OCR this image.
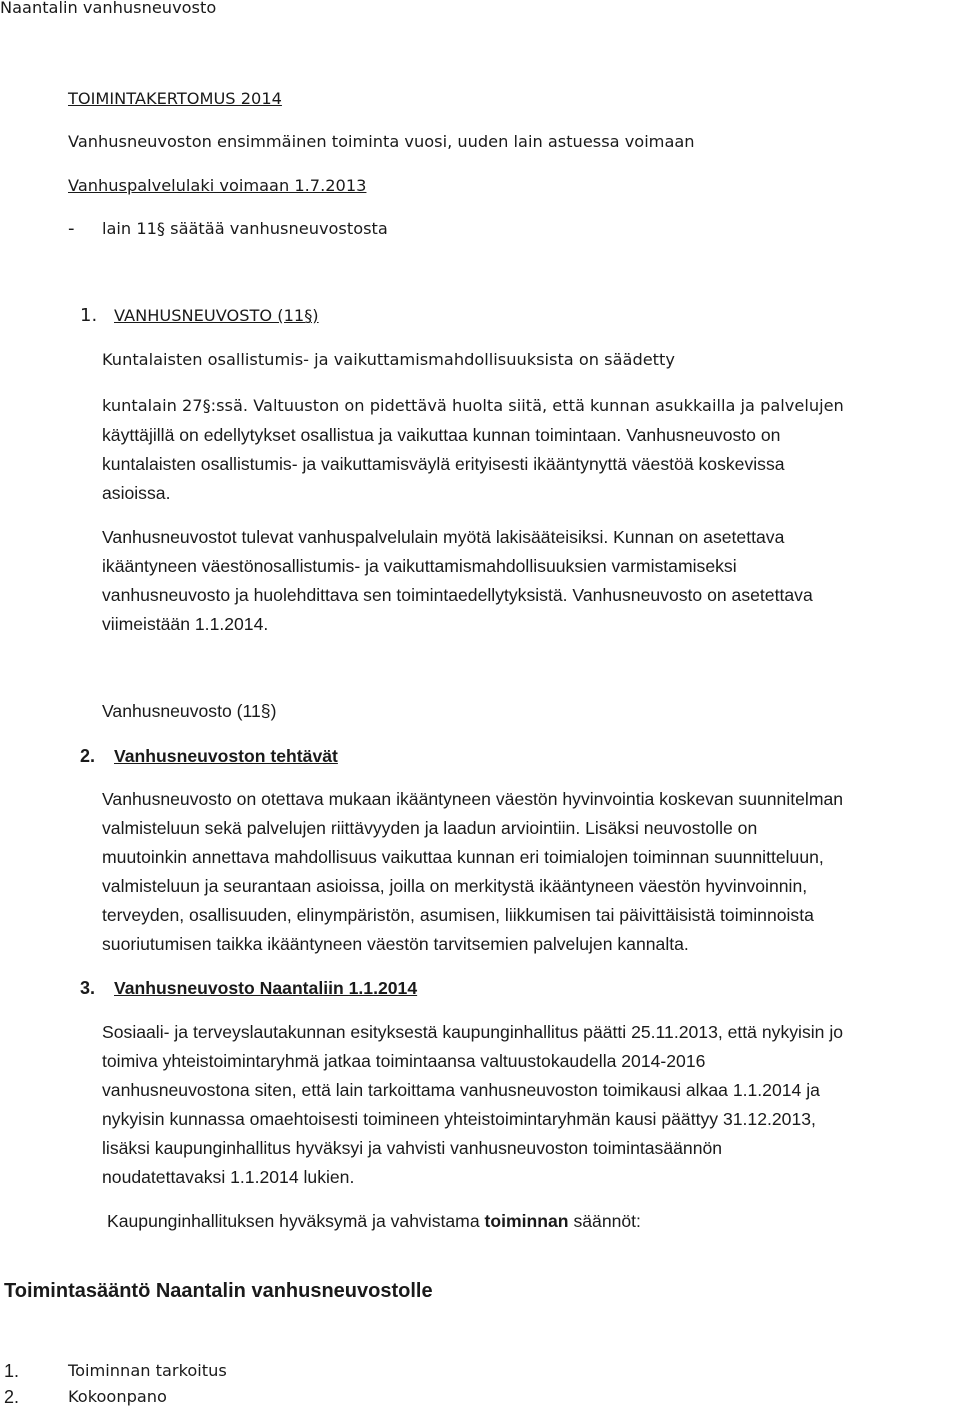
Naantalin vanhusneuvosto
TOIMINTAKERTOMUS 2014
Vanhusneuvoston ensimmäinen toiminta vuosi, uuden lain astuessa voimaan
Vanhuspalvelulaki voimaan 1.7.2013
- lain 11§ säätää vanhusneuvostosta
1. VANHUSNEUVOSTO (11§)
Kuntalaisten osallistumis- ja vaikuttamismahdollisuuksista on säädetty
kuntalain 27§:ssä. Valtuuston on pidettävä huolta siitä, että kunnan asukkailla ja palvelujen
käyttäjillä on edellytykset osallistua ja vaikuttaa kunnan toimintaan. Vanhusneuvosto on
kuntalaisten osallistumis- ja vaikuttamisväylä erityisesti ikääntynyttä väestöä koskevissa
asioissa.
Vanhusneuvostot tulevat vanhuspalvelulain myötä lakisääteisiksi. Kunnan on asetettava
ikääntyneen väestönosallistumis- ja vaikuttamismahdollisuuksien varmistamiseksi
vanhusneuvosto ja huolehdittava sen toimintaedellytyksistä. Vanhusneuvosto on asetettava
viimeistään 1.1.2014.
Vanhusneuvosto (11§)
2. Vanhusneuvoston tehtävät
Vanhusneuvosto on otettava mukaan ikääntyneen väestön hyvinvointia koskevan suunnitelman
valmisteluun sekä palvelujen riittävyyden ja laadun arviointiin. Lisäksi neuvostolle on
muutoinkin annettava mahdollisuus vaikuttaa kunnan eri toimialojen toiminnan suunnitteluun,
valmisteluun ja seurantaan asioissa, joilla on merkitystä ikääntyneen väestön hyvinvoinnin,
terveyden, osallisuuden, elinympäristön, asumisen, liikkumisen tai päivittäisistä toiminnoista
suoriutumisen taikka ikääntyneen väestön tarvitsemien palvelujen kannalta.
3. Vanhusneuvosto Naantaliin 1.1.2014
Sosiaali- ja terveyslautakunnan esityksestä kaupunginhallitus päätti 25.11.2013, että nykyisin jo
toimiva yhteistoimintaryhmä jatkaa toimintaansa valtuustokaudella 2014-2016
vanhusneuvostona siten, että lain tarkoittama vanhusneuvoston toimikausi alkaa 1.1.2014 ja
nykyisin kunnassa omaehtoisesti toimineen yhteistoimintaryhmän kausi päättyy 31.12.2013,
lisäksi kaupunginhallitus hyväksyi ja vahvisti vanhusneuvoston toimintasäännön
noudatettavaksi 1.1.2014 lukien.
Kaupunginhallituksen hyväksymä ja vahvistama toiminnan säännöt:
Toimintasääntö Naantalin vanhusneuvostolle
1.	Toiminnan tarkoitus
2.	Kokoonpano
